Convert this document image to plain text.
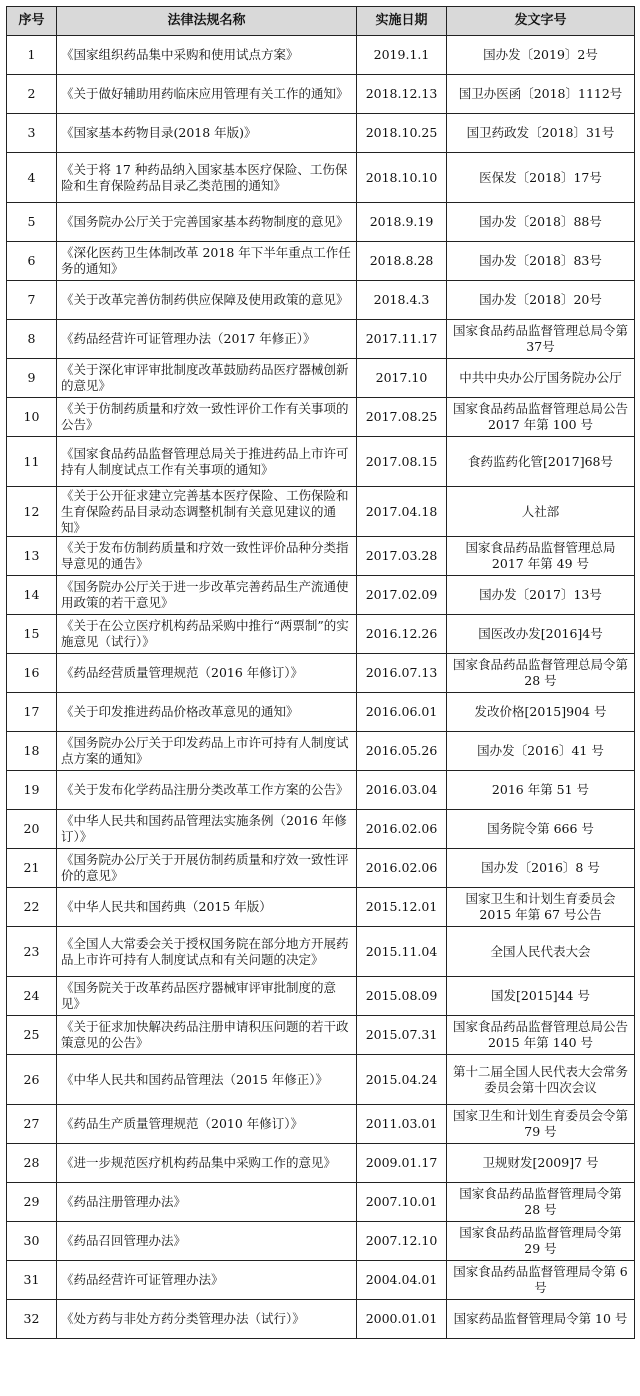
序号	法律法规名称	实施日期	发文字号
1	《国家组织药品集中采购和使用试点方案》	2019.1.1	国办发〔2019〕2号
2	《关于做好辅助用药临床应用管理有关工作的通知》	2018.12.13	国卫办医函〔2018〕1112号
3	《国家基本药物目录(2018 年版)》	2018.10.25	国卫药政发〔2018〕31号
4	《关于将 17 种药品纳入国家基本医疗保险、工伤保险和生育保险药品目录乙类范围的通知》	2018.10.10	医保发〔2018〕17号
5	《国务院办公厅关于完善国家基本药物制度的意见》	2018.9.19	国办发〔2018〕88号
6	《深化医药卫生体制改革 2018 年下半年重点工作任务的通知》	2018.8.28	国办发〔2018〕83号
7	《关于改革完善仿制药供应保障及使用政策的意见》	2018.4.3	国办发〔2018〕20号
8	《药品经营许可证管理办法（2017 年修正）》	2017.11.17	国家食品药品监督管理总局令第37号
9	《关于深化审评审批制度改革鼓励药品医疗器械创新的意见》	2017.10	中共中央办公厅国务院办公厅
10	《关于仿制药质量和疗效一致性评价工作有关事项的公告》	2017.08.25	国家食品药品监督管理总局公告 2017 年第 100 号
11	《国家食品药品监督管理总局关于推进药品上市许可持有人制度试点工作有关事项的通知》	2017.08.15	食药监药化管[2017]68号
12	《关于公开征求建立完善基本医疗保险、工伤保险和生育保险药品目录动态调整机制有关意见建议的通知》	2017.04.18	人社部
13	《关于发布仿制药质量和疗效一致性评价品种分类指导意见的通告》	2017.03.28	国家食品药品监督管理总局 2017 年第 49 号
14	《国务院办公厅关于进一步改革完善药品生产流通使用政策的若干意见》	2017.02.09	国办发〔2017〕13号
15	《关于在公立医疗机构药品采购中推行“两票制”的实施意见（试行）》	2016.12.26	国医改办发[2016]4号
16	《药品经营质量管理规范（2016 年修订）》	2016.07.13	国家食品药品监督管理总局令第 28 号
17	《关于印发推进药品价格改革意见的通知》	2016.06.01	发改价格[2015]904 号
18	《国务院办公厅关于印发药品上市许可持有人制度试点方案的通知》	2016.05.26	国办发〔2016〕41 号
19	《关于发布化学药品注册分类改革工作方案的公告》	2016.03.04	2016 年第 51 号
20	《中华人民共和国药品管理法实施条例（2016 年修订）》	2016.02.06	国务院令第 666 号
21	《国务院办公厅关于开展仿制药质量和疗效一致性评价的意见》	2016.02.06	国办发〔2016〕8 号
22	《中华人民共和国药典（2015 年版）	2015.12.01	国家卫生和计划生育委员会 2015 年第 67 号公告
23	《全国人大常委会关于授权国务院在部分地方开展药品上市许可持有人制度试点和有关问题的决定》	2015.11.04	全国人民代表大会
24	《国务院关于改革药品医疗器械审评审批制度的意见》	2015.08.09	国发[2015]44 号
25	《关于征求加快解决药品注册申请积压问题的若干政策意见的公告》	2015.07.31	国家食品药品监督管理总局公告 2015 年第 140 号
26	《中华人民共和国药品管理法（2015 年修正）》	2015.04.24	第十二届全国人民代表大会常务委员会第十四次会议
27	《药品生产质量管理规范（2010 年修订）》	2011.03.01	国家卫生和计划生育委员会令第 79 号
28	《进一步规范医疗机构药品集中采购工作的意见》	2009.01.17	卫规财发[2009]7 号
29	《药品注册管理办法》	2007.10.01	国家食品药品监督管理局令第 28 号
30	《药品召回管理办法》	2007.12.10	国家食品药品监督管理局令第 29 号
31	《药品经营许可证管理办法》	2004.04.01	国家食品药品监督管理局令第 6 号
32	《处方药与非处方药分类管理办法（试行）》	2000.01.01	国家药品监督管理局令第 10 号
